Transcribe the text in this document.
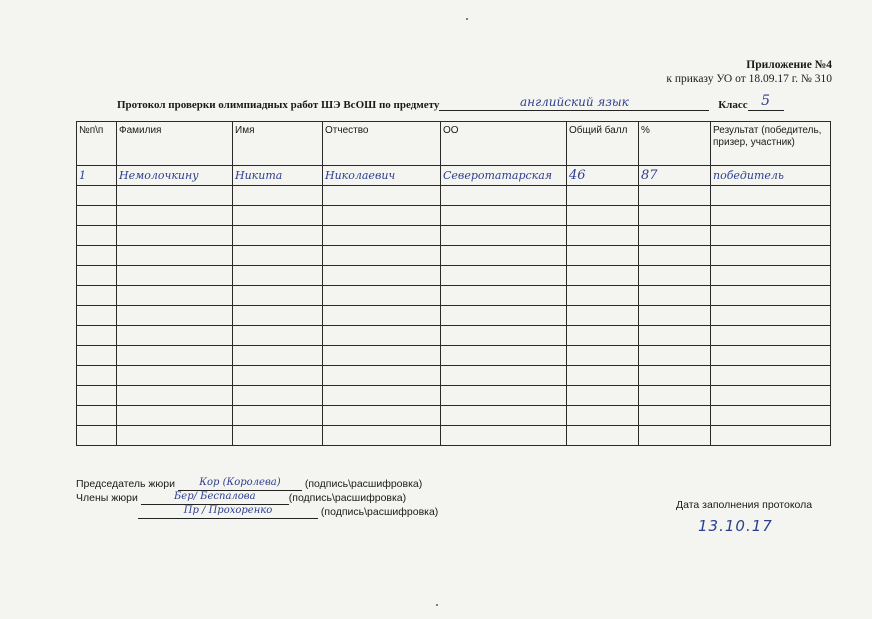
Приложение №4
к приказу УО от 18.09.17 г. № 310
Протокол проверки олимпиадных работ ШЭ ВсОШ по предмету	английский язык	Класс 5
№п\п	Фамилия	Имя	Отчество	ОО	Общий балл	%	Результат (победитель, призер, участник)
1	Немолочкину	Никита	Николаевич	Северотатарская	46	87	победитель

Председатель жюри Кор (Королева) (подпись\расшифровка)
Члены жюри	Бер/ Беспалова	(подпись\расшифровка)
Пр / Прохоренко	(подпись\расшифровка)
Дата заполнения протокола
13.10.17
